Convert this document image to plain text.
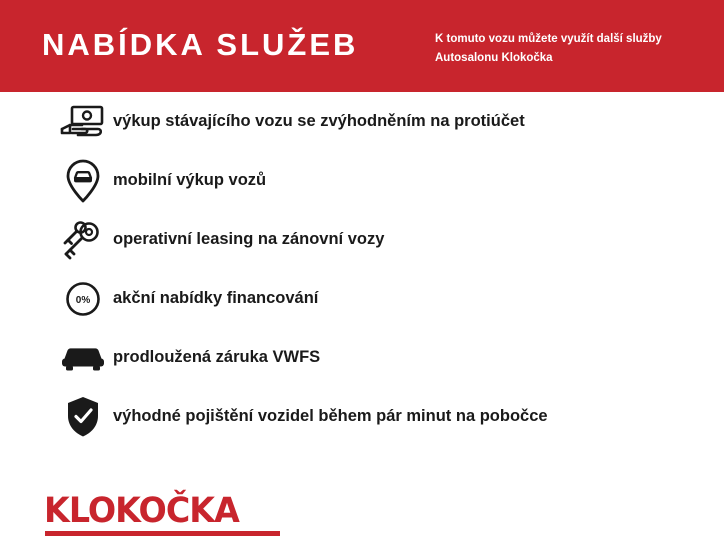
NABÍDKA SLUŽEB	K tomuto vozu můžete využít další služby
Autosalonu Klokočka
výkup stávajícího vozu se zvýhodněním na protiúčet
mobilní výkup vozů
operativní leasing na zánovní vozy
0% akční nabídky financování
prodloužená záruka VWFS
výhodné pojištění vozidel během pár minut na pobočce
KLOKOČKA
